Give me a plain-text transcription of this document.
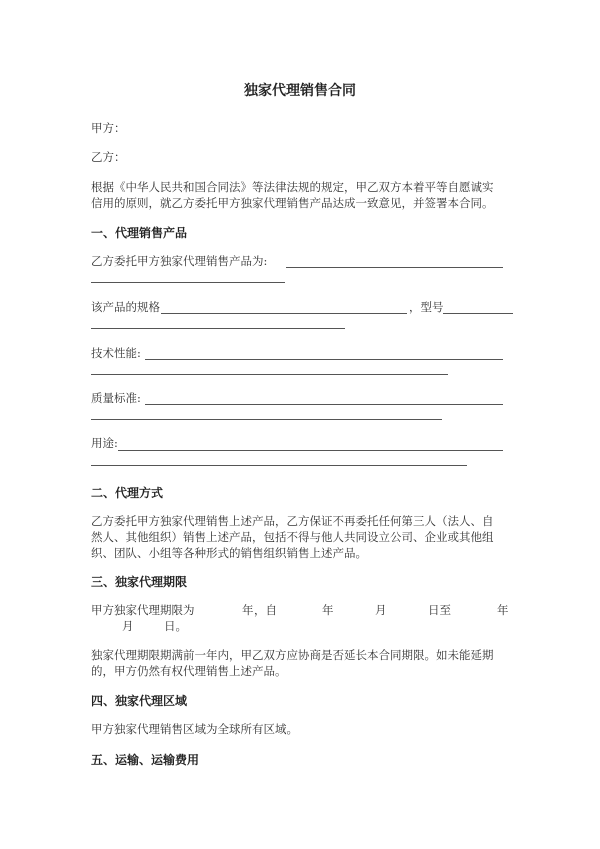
独家代理销售合同
甲方：
乙方：
根据《中华人民共和国合同法》等法律法规的规定，甲乙双方本着平等自愿诚实
信用的原则，就乙方委托甲方独家代理销售产品达成一致意见，并签署本合同。
一、代理销售产品
乙方委托甲方独家代理销售产品为:
该产品的规格	，型号
技术性能:
质量标准:
用途:
二、代理方式
乙方委托甲方独家代理销售上述产品，乙方保证不再委托任何第三人（法人、自
然人、其他组织）销售上述产品，包括不得与他人共同设立公司、企业或其他组
织、团队、小组等各种形式的销售组织销售上述产品。
三、独家代理期限
甲方独家代理期限为	年 ，自	年	月	日至	年
月	日。
独家代理期限期满前一年内，甲乙双方应协商是否延长本合同期限。如未能延期
的，甲方仍然有权代理销售上述产品。
四、独家代理区域
甲方独家代理销售区域为全球所有区域。
五、运输、运输费用
